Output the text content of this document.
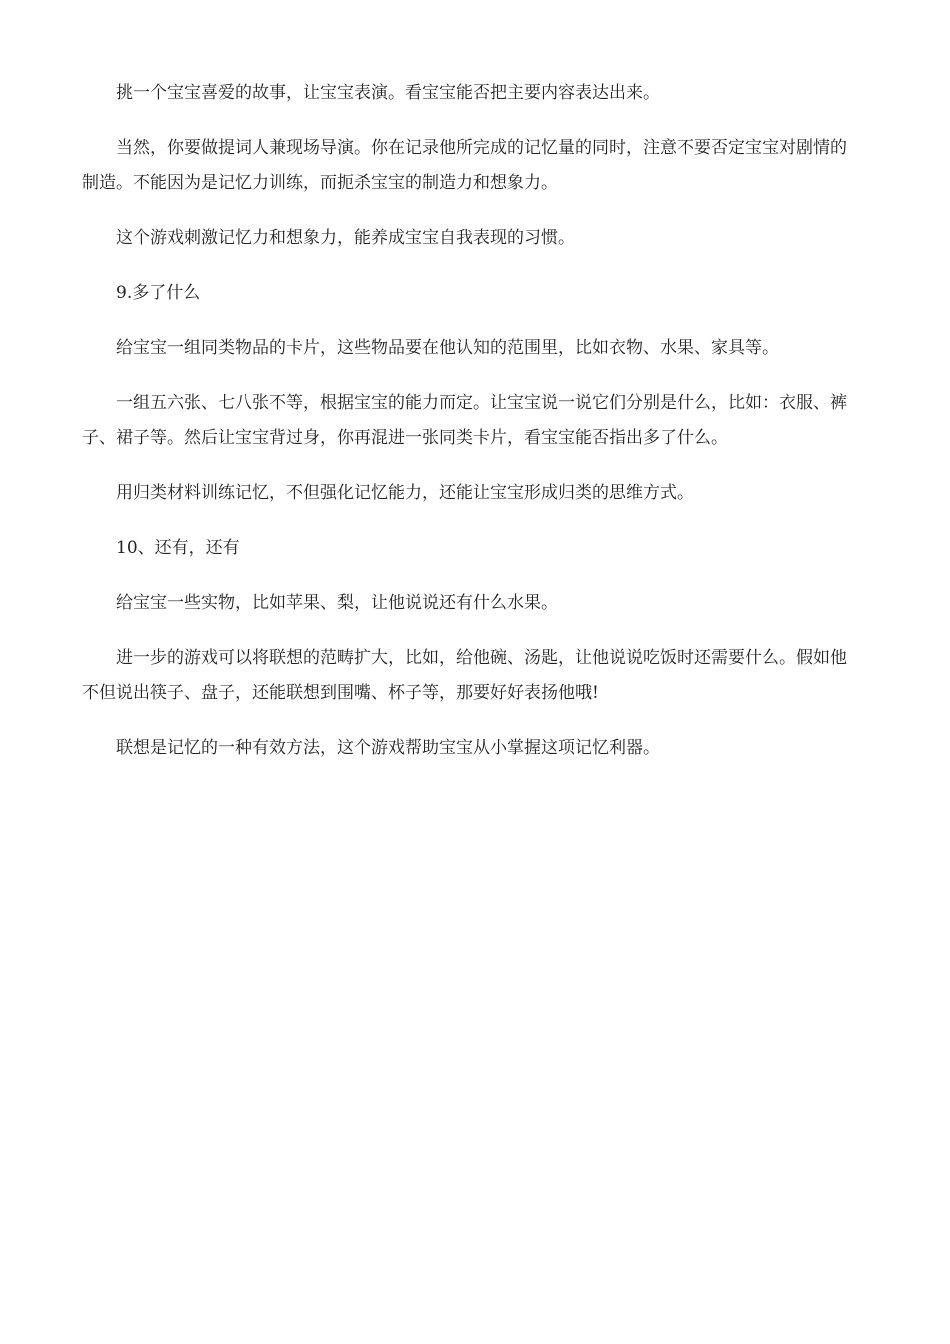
挑一个宝宝喜爱的故事，让宝宝表演。看宝宝能否把主要内容表达出来。

当然，你要做提词人兼现场导演。你在记录他所完成的记忆量的同时，注意不要否定宝宝对剧情的制造。不能因为是记忆力训练，而扼杀宝宝的制造力和想象力。

这个游戏刺激记忆力和想象力，能养成宝宝自我表现的习惯。

9.多了什么

给宝宝一组同类物品的卡片，这些物品要在他认知的范围里，比如衣物、水果、家具等。

一组五六张、七八张不等，根据宝宝的能力而定。让宝宝说一说它们分别是什么，比如：衣服、裤子、裙子等。然后让宝宝背过身，你再混进一张同类卡片，看宝宝能否指出多了什么。

用归类材料训练记忆，不但强化记忆能力，还能让宝宝形成归类的思维方式。

10、还有，还有

给宝宝一些实物，比如苹果、梨，让他说说还有什么水果。

进一步的游戏可以将联想的范畴扩大，比如，给他碗、汤匙，让他说说吃饭时还需要什么。假如他不但说出筷子、盘子，还能联想到围嘴、杯子等，那要好好表扬他哦!

联想是记忆的一种有效方法，这个游戏帮助宝宝从小掌握这项记忆利器。
